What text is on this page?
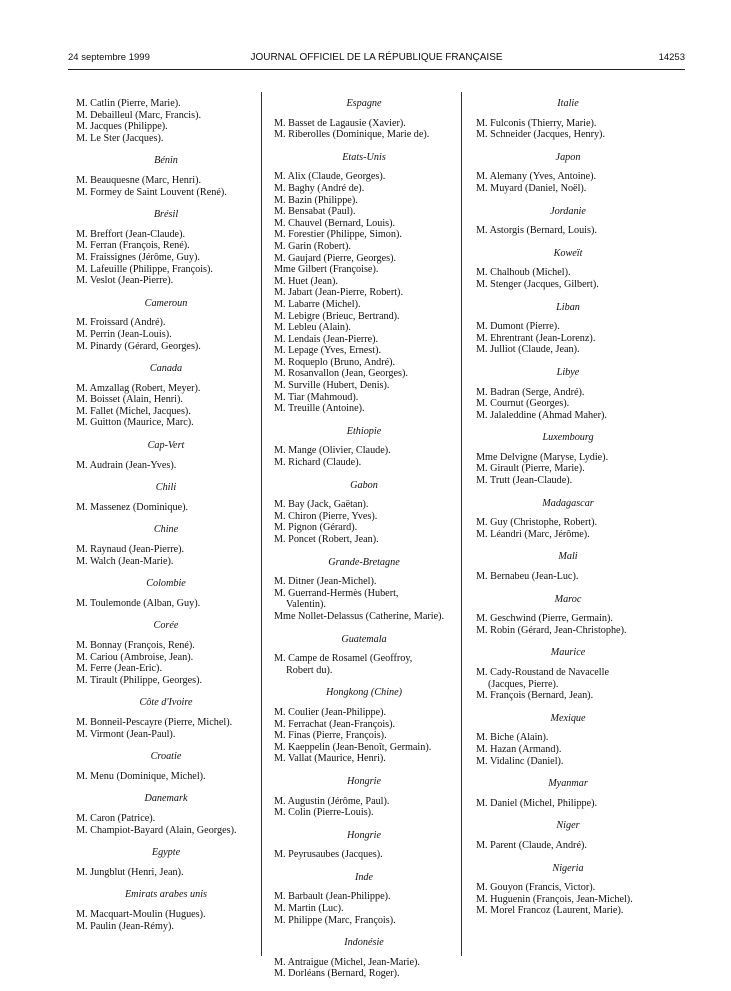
24 septembre 1999	JOURNAL OFFICIEL DE LA RÉPUBLIQUE FRANÇAISE	14253
M. Catlin (Pierre, Marie).
M. Debailleul (Marc, Francis).
M. Jacques (Philippe).
M. Le Ster (Jacques).
Bénin
M. Beauquesne (Marc, Henri).
M. Formey de Saint Louvent (René).
Brésil
M. Breffort (Jean-Claude).
M. Ferran (François, René).
M. Fraissignes (Jérôme, Guy).
M. Lafeuille (Philippe, François).
M. Veslot (Jean-Pierre).
Cameroun
M. Froissard (André).
M. Perrin (Jean-Louis).
M. Pinardy (Gérard, Georges).
Canada
M. Amzallag (Robert, Meyer).
M. Boisset (Alain, Henri).
M. Fallet (Michel, Jacques).
M. Guitton (Maurice, Marc).
Cap-Vert
M. Audrain (Jean-Yves).
Chili
M. Massenez (Dominique).
Chine
M. Raynaud (Jean-Pierre).
M. Walch (Jean-Marie).
Colombie
M. Toulemonde (Alban, Guy).
Corée
M. Bonnay (François, René).
M. Cariou (Ambroise, Jean).
M. Ferre (Jean-Eric).
M. Tirault (Philippe, Georges).
Côte d'Ivoire
M. Bonneil-Pescayre (Pierre, Michel).
M. Virmont (Jean-Paul).
Croatie
M. Menu (Dominique, Michel).
Danemark
M. Caron (Patrice).
M. Champiot-Bayard (Alain, Georges).
Egypte
M. Jungblut (Henri, Jean).
Emirats arabes unis
M. Macquart-Moulin (Hugues).
M. Paulin (Jean-Rémy).
Espagne
M. Basset de Lagausie (Xavier).
M. Riberolles (Dominique, Marie de).
Etats-Unis
M. Alix (Claude, Georges).
M. Baghy (André de).
M. Bazin (Philippe).
M. Bensabat (Paul).
M. Chauvel (Bernard, Louis).
M. Forestier (Philippe, Simon).
M. Garin (Robert).
M. Gaujard (Pierre, Georges).
Mme Gilbert (Françoise).
M. Huet (Jean).
M. Jabart (Jean-Pierre, Robert).
M. Labarre (Michel).
M. Lebigre (Brieuc, Bertrand).
M. Lebleu (Alain).
M. Lendais (Jean-Pierre).
M. Lepage (Yves, Ernest).
M. Roqueplo (Bruno, André).
M. Rosanvallon (Jean, Georges).
M. Surville (Hubert, Denis).
M. Tiar (Mahmoud).
M. Treuille (Antoine).
Ethiopie
M. Mange (Olivier, Claude).
M. Richard (Claude).
Gabon
M. Bay (Jack, Gaëtan).
M. Chiron (Pierre, Yves).
M. Pignon (Gérard).
M. Poncet (Robert, Jean).
Grande-Bretagne
M. Ditner (Jean-Michel).
M. Guerrand-Hermès (Hubert,
Valentin).
Mme Nollet-Delassus (Catherine, Marie).
Guatemala
M. Campe de Rosamel (Geoffroy,
Robert du).
Hongkong (Chine)
M. Coulier (Jean-Philippe).
M. Ferrachat (Jean-François).
M. Finas (Pierre, François).
M. Kaeppelin (Jean-Benoît, Germain).
M. Vallat (Maurice, Henri).
Hongrie
M. Augustin (Jérôme, Paul).
M. Colin (Pierre-Louis).
Hongrie
M. Peyrusaubes (Jacques).
Inde
M. Barbault (Jean-Philippe).
M. Martin (Luc).
M. Philippe (Marc, François).
Indonésie
M. Antraigue (Michel, Jean-Marie).
M. Dorléans (Bernard, Roger).
Italie
M. Fulconis (Thierry, Marie).
M. Schneider (Jacques, Henry).
Japon
M. Alemany (Yves, Antoine).
M. Muyard (Daniel, Noël).
Jordanie
M. Astorgis (Bernard, Louis).
Koweït
M. Chalhoub (Michel).
M. Stenger (Jacques, Gilbert).
Liban
M. Dumont (Pierre).
M. Ehrentrant (Jean-Lorenz).
M. Julliot (Claude, Jean).
Libye
M. Badran (Serge, André).
M. Cournut (Georges).
M. Jalaleddine (Ahmad Maher).
Luxembourg
Mme Delvigne (Maryse, Lydie).
M. Girault (Pierre, Marie).
M. Trutt (Jean-Claude).
Madagascar
M. Guy (Christophe, Robert).
M. Léandri (Marc, Jérôme).
Mali
M. Bernabeu (Jean-Luc).
Maroc
M. Geschwind (Pierre, Germain).
M. Robin (Gérard, Jean-Christophe).
Maurice
M. Cady-Roustand de Navacelle
(Jacques, Pierre).
M. François (Bernard, Jean).
Mexique
M. Biche (Alain).
M. Hazan (Armand).
M. Vidalinc (Daniel).
Myanmar
M. Daniel (Michel, Philippe).
Niger
M. Parent (Claude, André).
Nigeria
M. Gouyon (Francis, Victor).
M. Huguenin (François, Jean-Michel).
M. Morel Francoz (Laurent, Marie).
